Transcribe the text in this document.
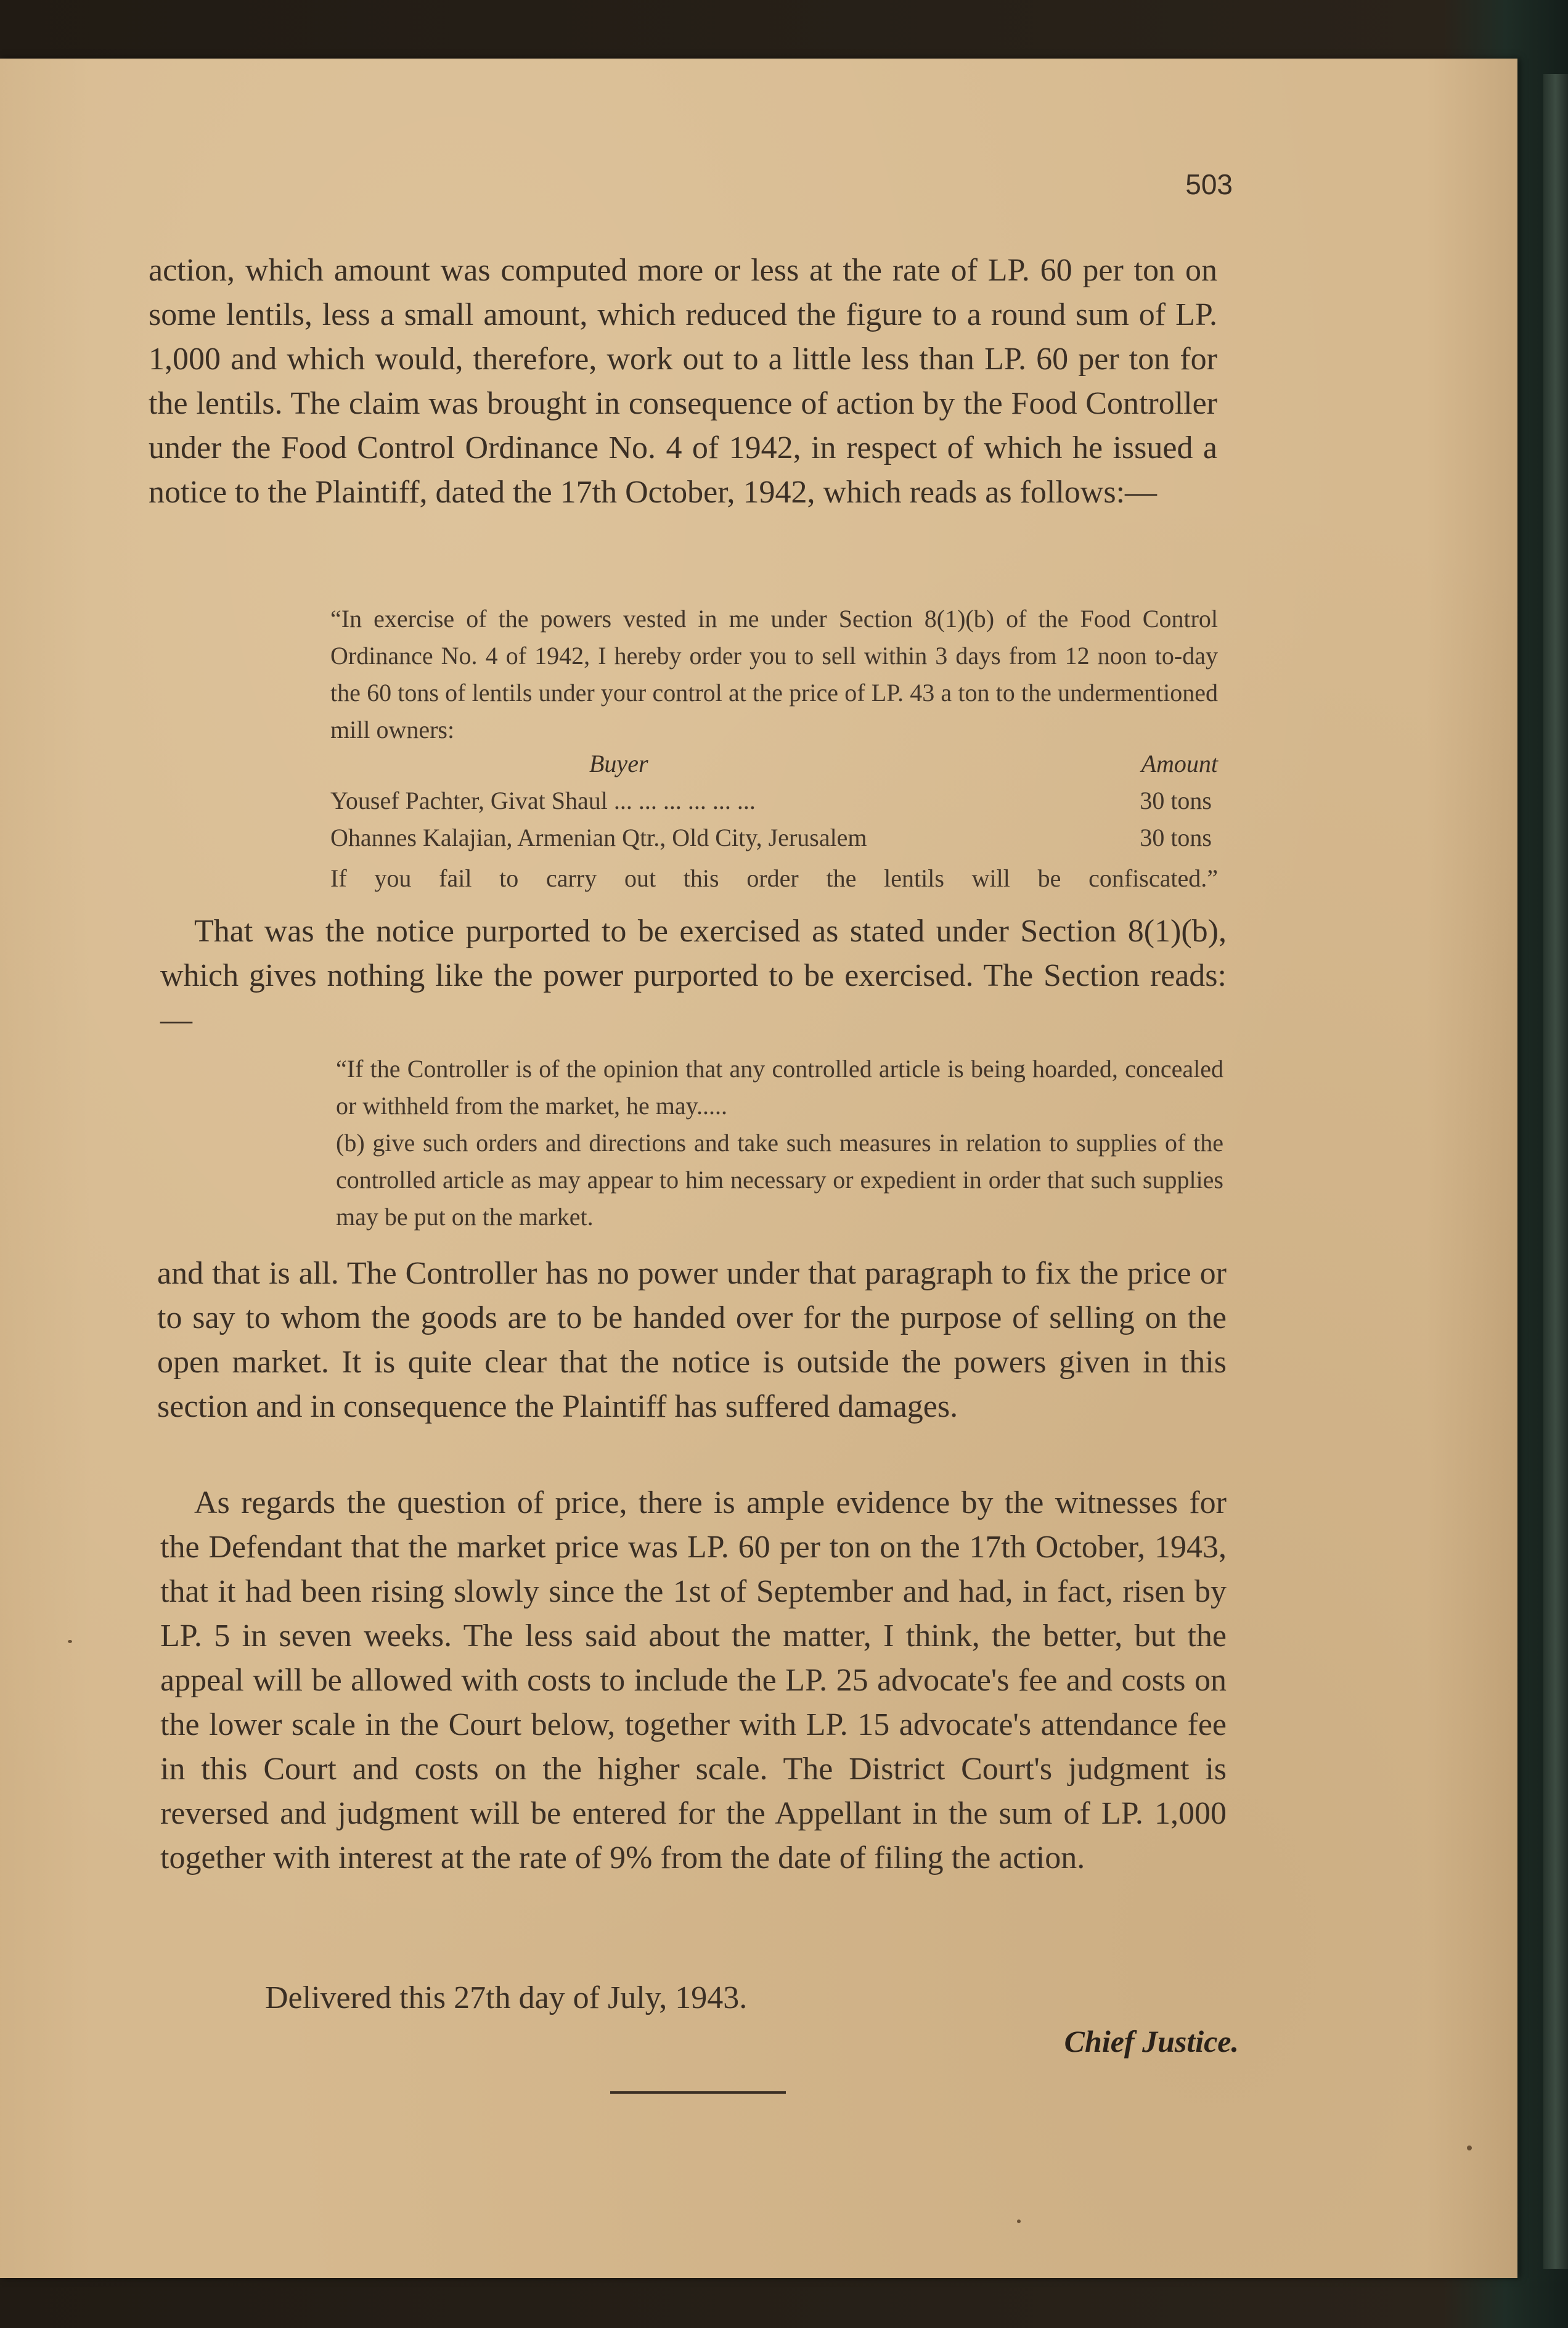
503

action, which amount was computed more or less at the rate of LP. 60 per ton on some lentils, less a small amount, which reduced the figure to a round sum of LP. 1,000 and which would, therefore, work out to a little less than LP. 60 per ton for the lentils. The claim was brought in consequence of action by the Food Controller under the Food Control Ordinance No. 4 of 1942, in respect of which he issued a notice to the Plaintiff, dated the 17th October, 1942, which reads as follows:—

“In exercise of the powers vested in me under Section 8(1)(b) of the Food Control Ordinance No. 4 of 1942, I hereby order you to sell within 3 days from 12 noon to-day the 60 tons of lentils under your control at the price of LP. 43 a ton to the undermentioned mill owners:

Buyer	Amount
Yousef Pachter, Givat Shaul ... ... ... ... ... ...	30 tons
Ohannes Kalajian, Armenian Qtr., Old City, Jerusalem	30 tons
If you fail to carry out this order the lentils will be confiscated.”

That was the notice purported to be exercised as stated under Section 8(1)(b), which gives nothing like the power purported to be exercised. The Section reads:—

“If the Controller is of the opinion that any controlled article is being hoarded, concealed or withheld from the market, he may.....
(b) give such orders and directions and take such measures in relation to supplies of the controlled article as may appear to him necessary or expedient in order that such supplies may be put on the market.

and that is all. The Controller has no power under that paragraph to fix the price or to say to whom the goods are to be handed over for the purpose of selling on the open market. It is quite clear that the notice is outside the powers given in this section and in consequence the Plaintiff has suffered damages.

As regards the question of price, there is ample evidence by the witnesses for the Defendant that the market price was LP. 60 per ton on the 17th October, 1943, that it had been rising slowly since the 1st of September and had, in fact, risen by LP. 5 in seven weeks. The less said about the matter, I think, the better, but the appeal will be allowed with costs to include the LP. 25 advocate's fee and costs on the lower scale in the Court below, together with LP. 15 advocate's attendance fee in this Court and costs on the higher scale. The District Court's judgment is reversed and judgment will be entered for the Appellant in the sum of LP. 1,000 together with interest at the rate of 9% from the date of filing the action.

Delivered this 27th day of July, 1943.

Chief Justice.
